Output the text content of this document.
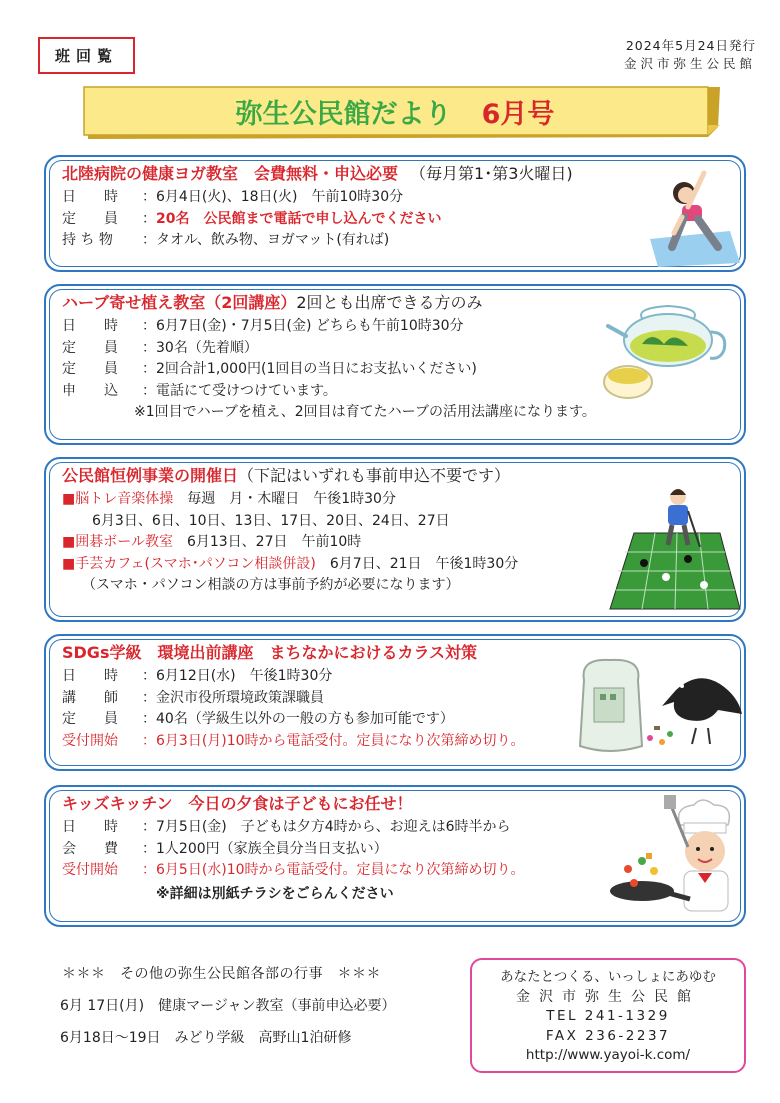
班回覧
2024年5月24日発行
金沢市弥生公民館
弥生公民館だより 6月号
北陸病院の健康ヨガ教室　会費無料・申込必要 （毎月第1･第3火曜日)
日　　時	： 6月4日(火)、18日(火)　午前10時30分
定　　員	： 20名　公民館まで電話で申し込んでください
持 ち 物	： タオル、飲み物、ヨガマット(有れば)
ハーブ寄せ植え教室（2回講座）2回とも出席できる方のみ
日　　時	： 6月7日(金)・7月5日(金) どちらも午前10時30分
定　　員	： 30名（先着順）
定　　員	： 2回合計1,000円(1回目の当日にお支払いください)
申　　込	： 電話にて受けつけています。
※1回目でハーブを植え、2回目は育てたハーブの活用法講座になります。
公民館恒例事業の開催日（下記はいずれも事前申込不要です）
■脳トレ音楽体操　毎週　月・木曜日　午後1時30分
6月3日、6日、10日、13日、17日、20日、24日、27日
■囲碁ボール教室　6月13日、27日　午前10時
■手芸カフェ(スマホ･パソコン相談併設)　6月7日、21日　午後1時30分
（スマホ・パソコン相談の方は事前予約が必要になります）
SDGs学級　環境出前講座　まちなかにおけるカラス対策
日　　時	： 6月12日(水)　午後1時30分
講　　師	： 金沢市役所環境政策課職員
定　　員	： 40名（学級生以外の一般の方も参加可能です）
受付開始	： 6月3日(月)10時から電話受付。定員になり次第締め切り。
キッズキッチン　今日の夕食は子どもにお任せ！
日　　時	： 7月5日(金)　子どもは夕方4時から、お迎えは6時半から
会　　費	： 1人200円（家族全員分当日支払い）
受付開始	： 6月5日(水)10時から電話受付。定員になり次第締め切り。
※詳細は別紙チラシをごらんください
＊＊＊　その他の弥生公民館各部の行事　＊＊＊
6月 17日(月)　健康マージャン教室（事前申込必要）
6月18日～19日　みどり学級　高野山1泊研修
あなたとつくる、いっしょにあゆむ
金沢市弥生公民館
TEL 241-1329
FAX 236-2237
http://www.yayoi-k.com/
